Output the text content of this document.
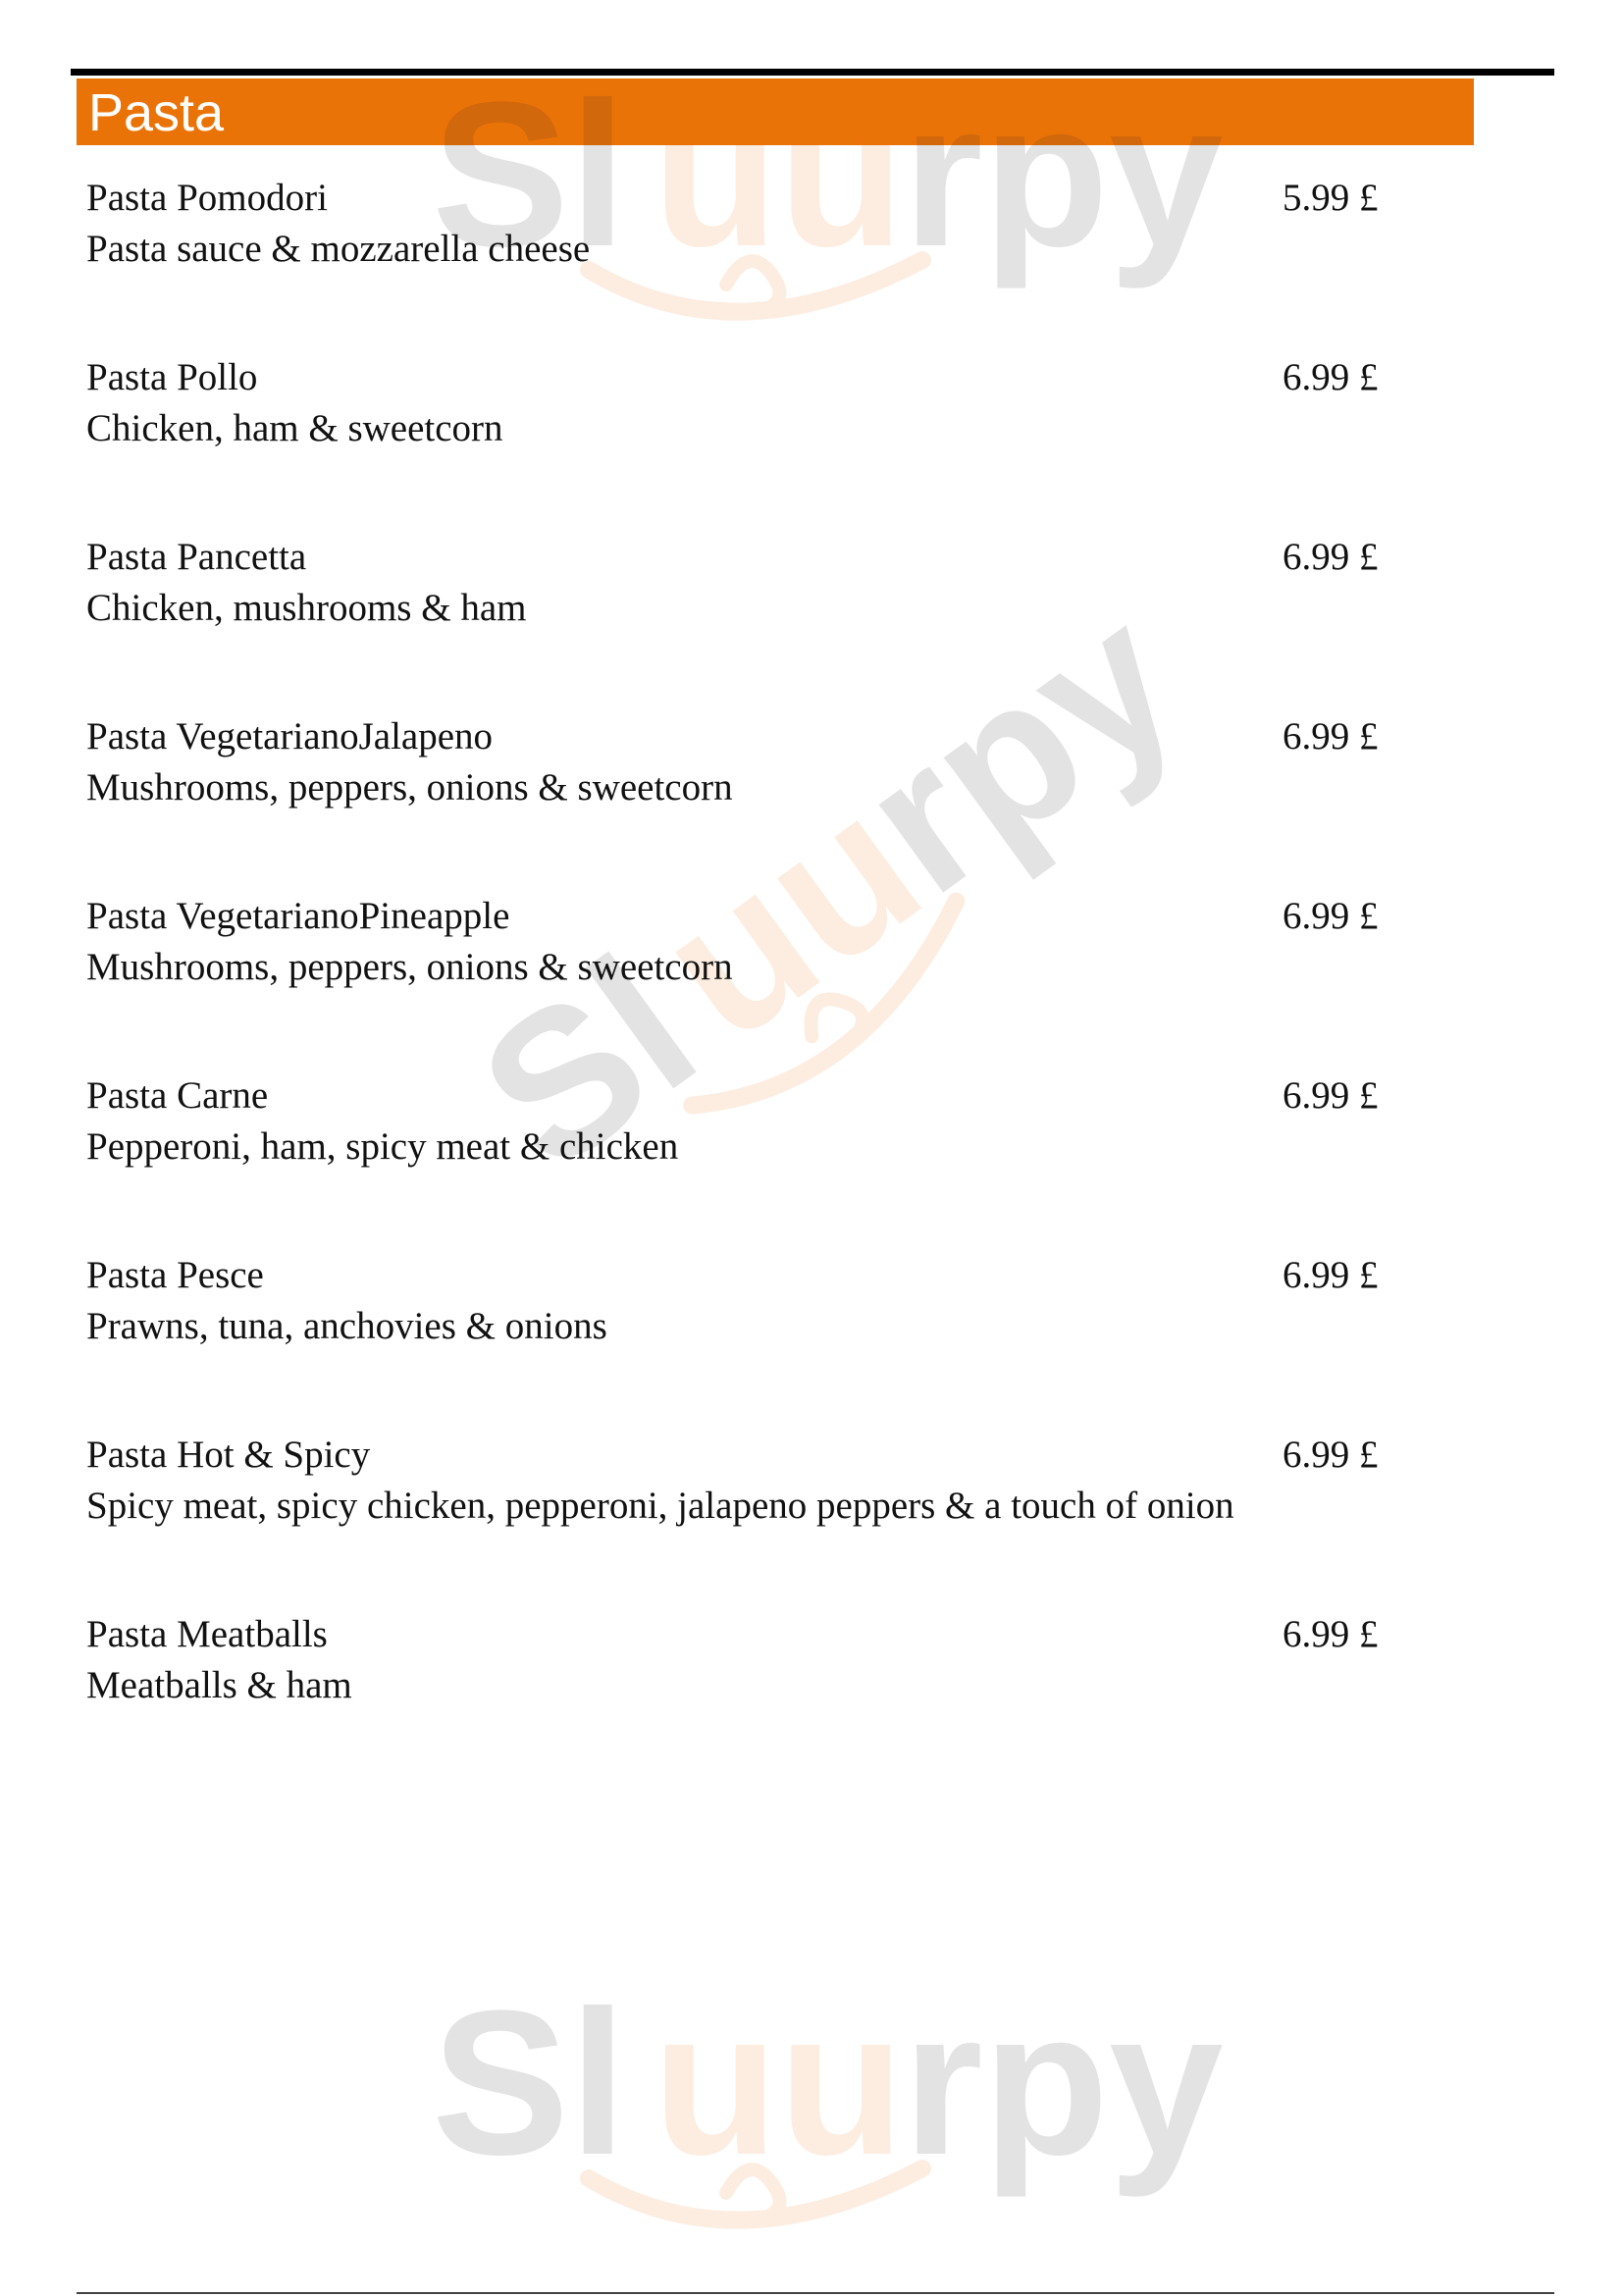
Pasta
Pasta Pomodori
Pasta sauce & mozzarella cheese
5.99 £
Pasta Pollo
Chicken, ham & sweetcorn
6.99 £
Pasta Pancetta
Chicken, mushrooms & ham
6.99 £
Pasta VegetarianoJalapeno
Mushrooms, peppers, onions & sweetcorn
6.99 £
Pasta VegetarianoPineapple
Mushrooms, peppers, onions & sweetcorn
6.99 £
Pasta Carne
Pepperoni, ham, spicy meat & chicken
6.99 £
Pasta Pesce
Prawns, tuna, anchovies & onions
6.99 £
Pasta Hot & Spicy
Spicy meat, spicy chicken, pepperoni, jalapeno peppers & a touch of onion
6.99 £
Pasta Meatballs
Meatballs & ham
6.99 £
